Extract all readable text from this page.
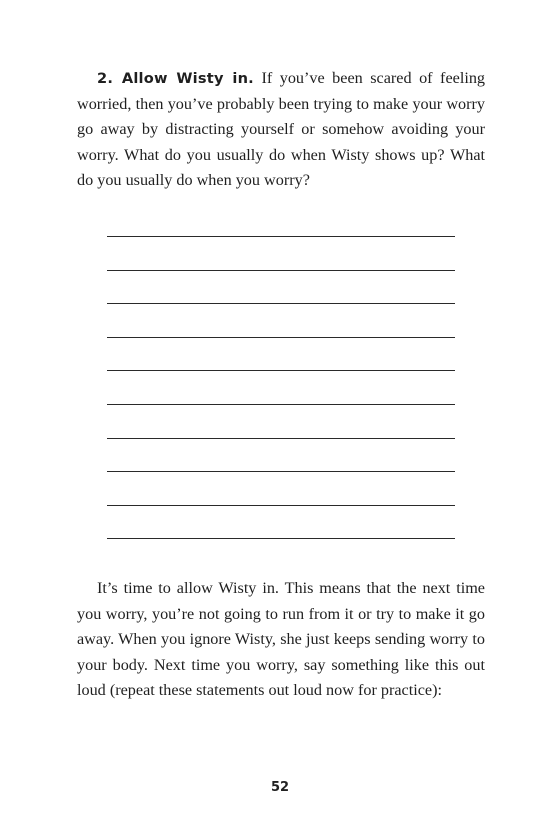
2. Allow Wisty in. If you’ve been scared of feeling worried, then you’ve probably been trying to make your worry go away by distracting yourself or somehow avoiding your worry. What do you usually do when Wisty shows up? What do you usually do when you worry?

It’s time to allow Wisty in. This means that the next time you worry, you’re not going to run from it or try to make it go away. When you ignore Wisty, she just keeps sending worry to your body. Next time you worry, say something like this out loud (repeat these statements out loud now for practice):

52
